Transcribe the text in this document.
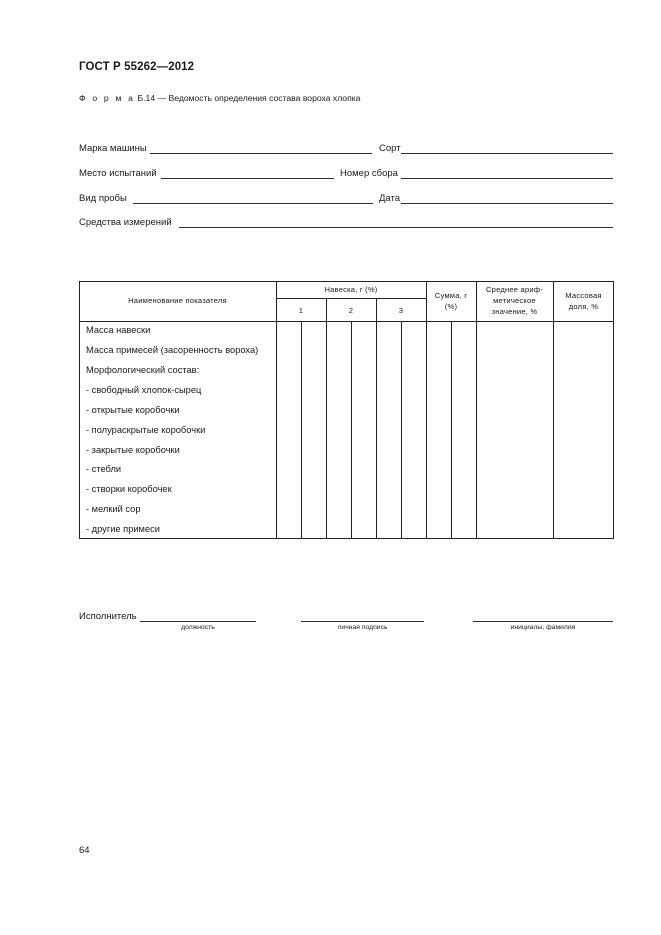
ГОСТ Р 55262—2012
Ф о р м а Б.14 — Ведомость определения состава вороха хлопка
Марка машины	Сорт
Место испытаний	Номер сбора
Вид пробы	Дата
Средства измерений
Наименование показателя
Навеска, г (%)
1	2	3
Сумма, г (%)
Среднее ариф-метическое значение, %
Массовая доля, %
Масса навески
Масса примесей (засоренность вороха)
Морфологический состав:
- свободный хлопок-сырец
- открытые коробочки
- полураскрытые коробочки
- закрытые коробочки
- стебли
- створки коробочек
- мелкий сор
- другие примеси
Исполнитель
должность	личная подпись	инициалы, фамилия
64
